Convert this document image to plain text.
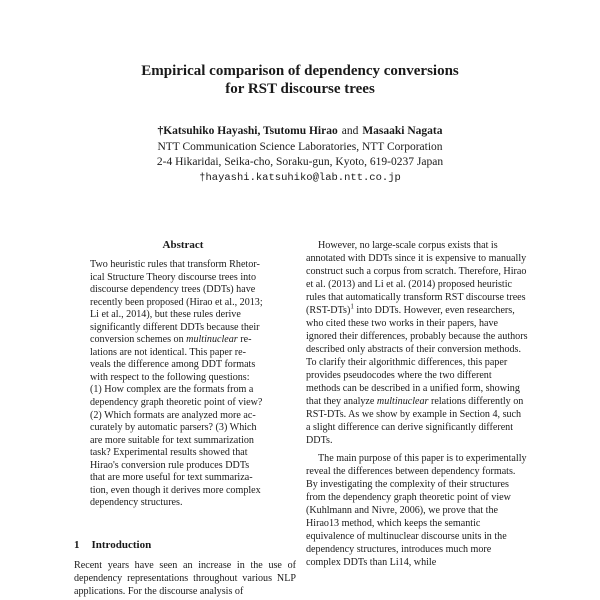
Empirical comparison of dependency conversions
for RST discourse trees
†Katsuhiko Hayashi, Tsutomu Hirao and Masaaki Nagata
NTT Communication Science Laboratories, NTT Corporation
2-4 Hikaridai, Seika-cho, Soraku-gun, Kyoto, 619-0237 Japan
†hayashi.katsuhiko@lab.ntt.co.jp
Abstract
Two heuristic rules that transform Rhetor-
ical Structure Theory discourse trees into
discourse dependency trees (DDTs) have
recently been proposed (Hirao et al., 2013;
Li et al., 2014), but these rules derive
significantly different DDTs because their
conversion schemes on multinuclear re-
lations are not identical. This paper re-
veals the difference among DDT formats
with respect to the following questions:
(1) How complex are the formats from a
dependency graph theoretic point of view?
(2) Which formats are analyzed more ac-
curately by automatic parsers? (3) Which
are more suitable for text summarization
task? Experimental results showed that
Hirao's conversion rule produces DDTs
that are more useful for text summariza-
tion, even though it derives more complex
dependency structures.
1 Introduction
Recent years have seen an increase in the use of dependency representations throughout various NLP applications. For the discourse analysis of

However, no large-scale corpus exists that is annotated with DDTs since it is expensive to manually construct such a corpus from scratch. Therefore, Hirao et al. (2013) and Li et al. (2014) proposed heuristic rules that automatically transform RST discourse trees $(RST-DTs)^1$ into DDTs. However, even researchers, who cited these two works in their papers, have ignored their differences, probably because the authors described only abstracts of their conversion methods. To clarify their algorithmic differences, this paper provides pseudocodes where the two different methods can be described in a unified form, showing that they analyze multinuclear relations differently on RST-DTs. As we show by example in Section 4, such a slight difference can derive significantly different DDTs.

The main purpose of this paper is to experimentally reveal the differences between dependency formats. By investigating the complexity of their structures from the dependency graph theoretic point of view (Kuhlmann and Nivre, 2006), we prove that the Hirao13 method, which keeps the semantic equivalence of multinuclear discourse units in the dependency structures, introduces much more complex DDTs than Li14, while
